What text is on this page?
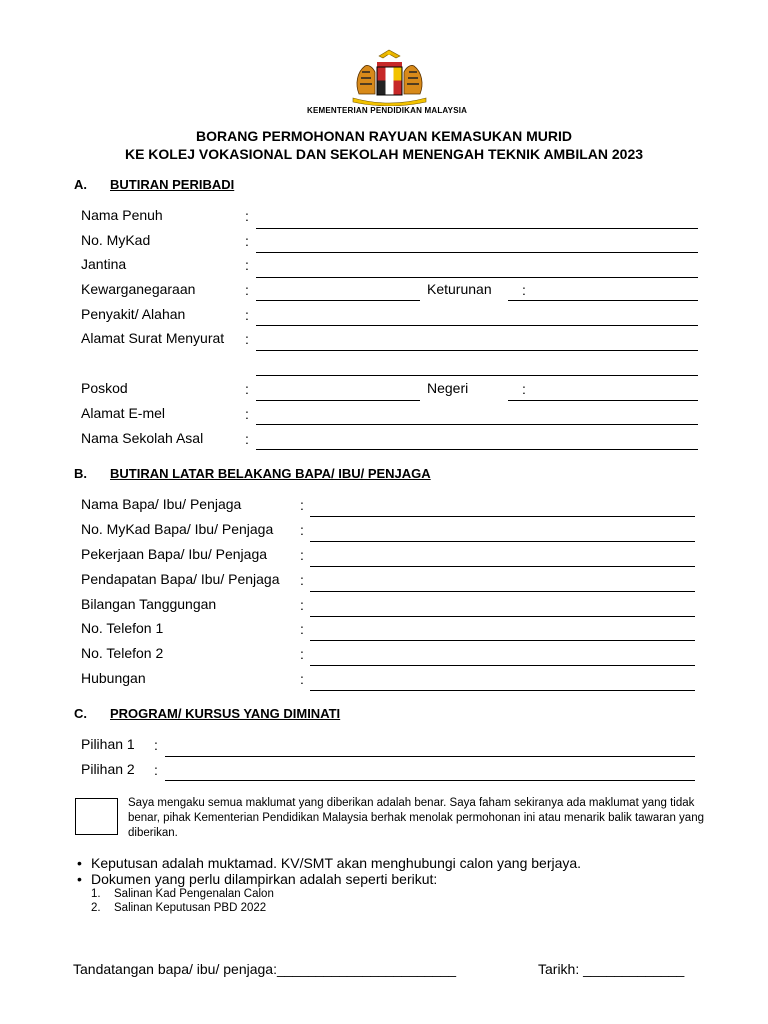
KEMENTERIAN PENDIDIKAN MALAYSIA
BORANG PERMOHONAN RAYUAN KEMASUKAN MURID
KE KOLEJ VOKASIONAL DAN SEKOLAH MENENGAH TEKNIK AMBILAN 2023
A. BUTIRAN PERIBADI
Nama Penuh	:
No. MyKad	:
Jantina	:
Kewarganegaraan	:	Keturunan :
Penyakit/ Alahan	:
Alamat Surat Menyurat :
Poskod	:	Negeri	:
Alamat E-mel	:
Nama Sekolah Asal	:
B. BUTIRAN LATAR BELAKANG BAPA/ IBU/ PENJAGA
Nama Bapa/ Ibu/ Penjaga	:
No. MyKad Bapa/ Ibu/ Penjaga :
Pekerjaan Bapa/ Ibu/ Penjaga :
Pendapatan Bapa/ Ibu/ Penjaga :
Bilangan Tanggungan	:
No. Telefon 1	:
No. Telefon 2	:
Hubungan	:
C. PROGRAM/ KURSUS YANG DIMINATI
Pilihan 1 :
Pilihan 2 :
Saya mengaku semua maklumat yang diberikan adalah benar. Saya faham sekiranya ada maklumat yang tidak benar, pihak Kementerian Pendidikan Malaysia berhak menolak permohonan ini atau menarik balik tawaran yang diberikan.
• Keputusan adalah muktamad. KV/SMT akan menghubungi calon yang berjaya.
• Dokumen yang perlu dilampirkan adalah seperti berikut:
1. Salinan Kad Pengenalan Calon
2. Salinan Keputusan PBD 2022
Tandatangan bapa/ ibu/ penjaga:_______________________	Tarikh: _____________
